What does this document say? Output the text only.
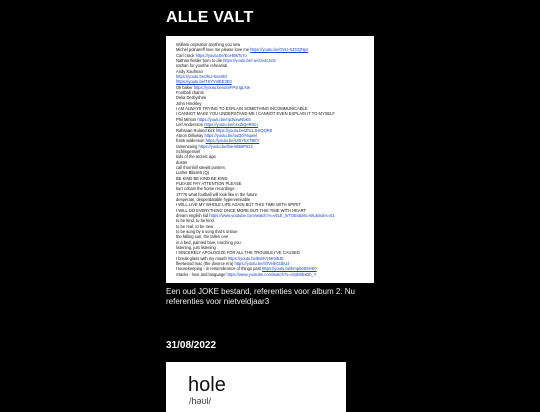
ALLE VALT
William onyeabor anything you sew
Michel polnareff love me please love me https://youtu.be/OVU-SZGQNps
Carl crack https://youtu.be/EoHl0kTo7o
Nathan fielder born to die https://youtu.be/-aAOv4cJs3I
nathan for you/the rehearsal
Andy Kaufman
https://youtu.be/zkU-NevrlEI
https://youtu.be/TSYVnlEE3E0
Ok baker https://youtu.be/oSvFPsrIgLXw
Football chants
Delia Derbyshire
John Hinckley
I AM ALWAYS TRYING TO EXPLAIN SOMETHING INCOMMUNICABLE
I CANNOT MAKE YOU UNDERSTAND ME I CANNOT EVEN EXPLAIN IT TO MYSELF
Phil Minton https://youtu.be/np3vxwNbK6
Leif Andersson https://youtu.be/c4xZiQeRNLI
Rahsaan Roland Kirk https://youtu.be/ZhzLJHrQQR8
Aaron Dilloway https://youtu.be/ouQ0Y6qwel
frank wallenson https://youtu.be/Ur5YbXTBtfY
ramenzaing https://youtu.be/bw-9558F613
Schlingensief
kids of the atomic age
duster
call thornhill stewitt posters
Luther Blissett (Q)
BE KIND BE KIND BE KIND
PLEASE PAY ATTENTION PLEASE
kurt cobain the home recordings
17776 what football will look like in the future
desperate, desperdatable hypervenitable
I WILL LIVE MY WHOLE LIFE AGAIN BUT THIS TIME WITH SPIRIT
I WILL DO EVERYTHING ONCE MORE BUT THIS TIME WITH HEART
dream english kid https://www.youtube.com/watch?v=v61E_lVTOEs&list=WL&index=51
to be kind, to be kind
to be real, to be new
to be sung by a song that's untrue
the falling sun, the fallen one
in a bed, painted blue, touching you
listening, just listening
I SINCERELY APOLOGIZE FOR ALL THE TROUBLE I'VE CAUSED
I break glass with my mouth https://youtu.be/BmKY5K0i5JE
fleetwood mac (the divorce era) https://youtu.be/rOVeleCDbU4
Housekeeping - in remembrance of things past https://youtu.be/bmpbe8SHK0
Stacks - love and language https://www.youtube.com/watch?v=eSjKBbxDb_Y

Een oud JOKE bestand, referenties voor album 2. Nu referenties voor nietveldjaar3

31/08/2022

hole

/həʊl/
